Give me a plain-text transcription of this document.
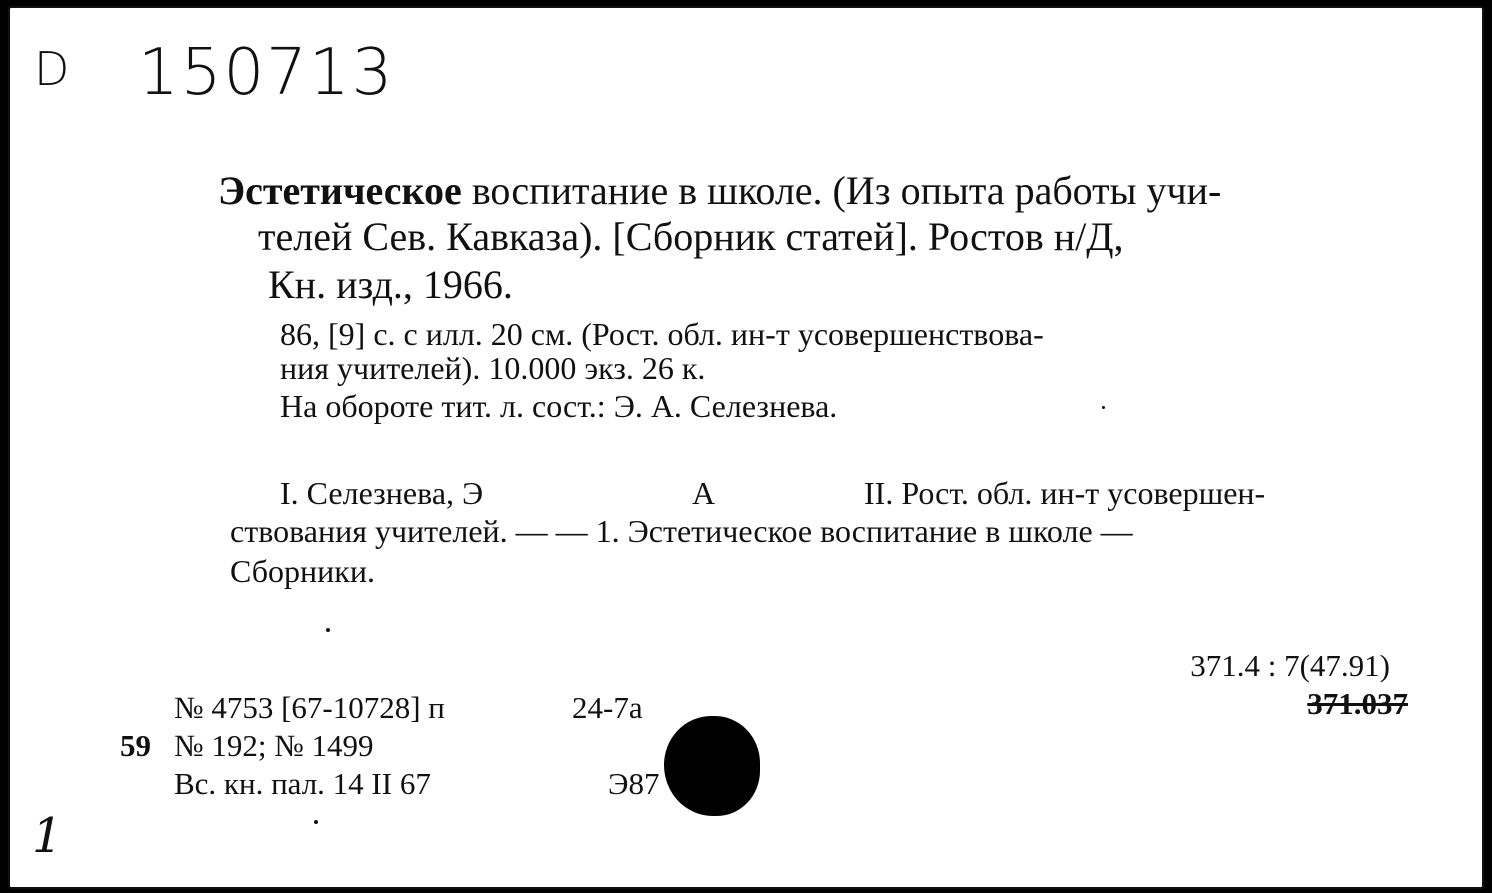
D 150713
Эстетическое воспитание в школе. (Из опыта работы учи-
телей Сев. Кавказа). [Сборник статей]. Ростов н/Д,
Кн. изд., 1966.
86, [9] с. с илл. 20 см. (Рост. обл. ин-т усовершенствова-
ния учителей). 10.000 экз. 26 к.
На обороте тит. л. сост.: Э. А. Селезнева.
I. Селезнева, Э	А	II. Рост. обл. ин-т усовершен-
ствования учителей. — — 1. Эстетическое воспитание в школе —
Сборники.
371.4 : 7(47.91)
371.037
№ 4753 [67-10728] п	24-7а
59 № 192; № 1499
Вс. кн. пал. 14 II 67	Э87
1
